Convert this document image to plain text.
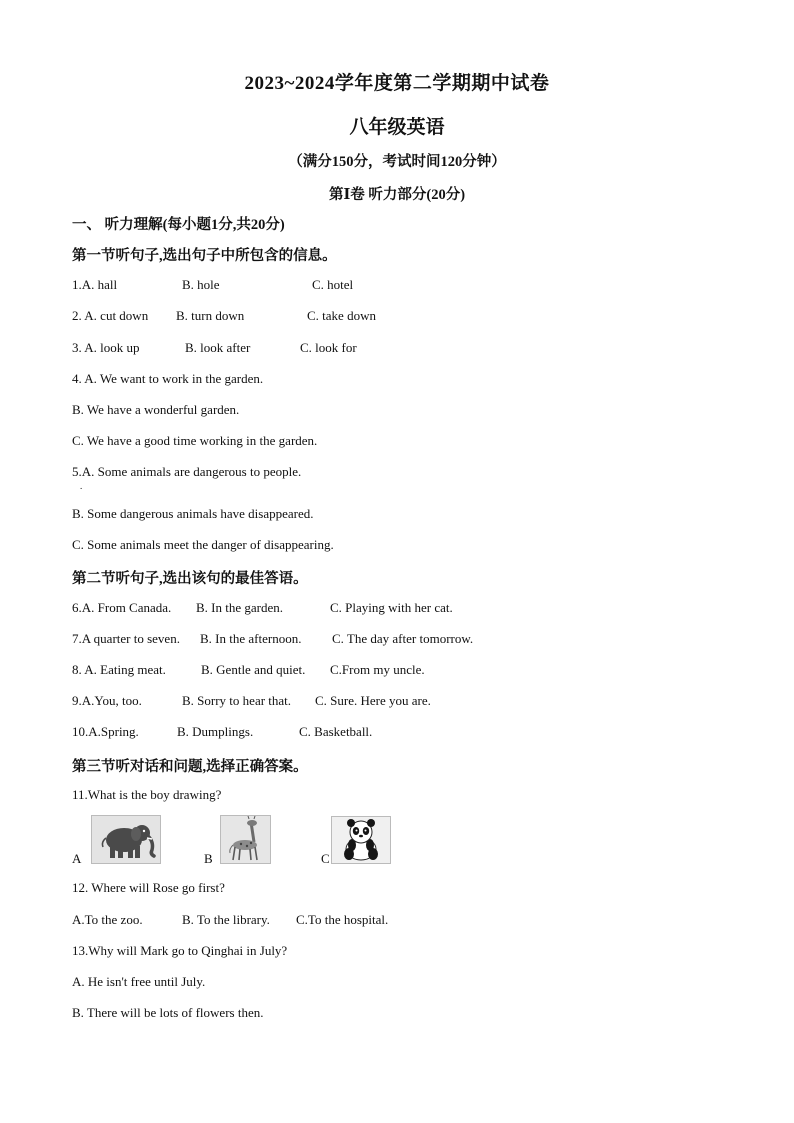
2023~2024学年度第二学期期中试卷
八年级英语
（满分150分，考试时间120分钟）
第Ⅰ卷 听力部分(20分)
一、 听力理解(每小题1分,共20分)
第一节听句子,选出句子中所包含的信息。
1.A. hall	B. hole	C. hotel
2. A. cut down B. turn down	C. take down
3. A. look up	B. look after	C. look for
4. A. We want to work in the garden.
B. We have a wonderful garden.
C. We have a good time working in the garden.
5.A. Some animals are dangerous to people.
.
B. Some dangerous animals have disappeared.
C. Some animals meet the danger of disappearing.
第二节听句子,选出该句的最佳答语。
6.A. From Canada. B. In the garden.	C. Playing with her cat.
7.A quarter to seven. B. In the afternoon. C. The day after tomorrow.
8. A. Eating meat.	B. Gentle and quiet. C.From my uncle.
9.A.You, too.	B. Sorry to hear that. C. Sure. Here you are.
10.A.Spring.	B. Dumplings.	C. Basketball.
第三节听对话和问题,选择正确答案。
11.What is the boy drawing?
A	B	C
12. Where will Rose go first?
A.To the zoo.	B. To the library. C.To the hospital.
13.Why will Mark go to Qinghai in July?
A. He isn't free until July.
B. There will be lots of flowers then.
